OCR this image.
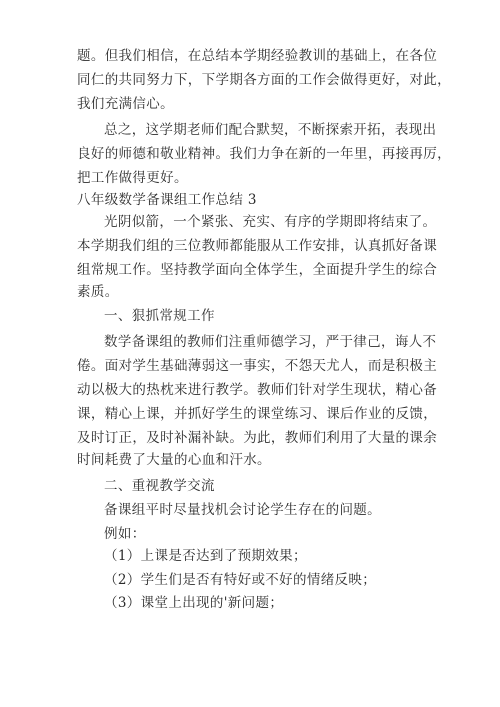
题。但我们相信，在总结本学期经验教训的基础上，在各位
同仁的共同努力下，下学期各方面的工作会做得更好，对此，
我们充满信心。
总之，这学期老师们配合默契，不断探索开拓，表现出
良好的师德和敬业精神。我们力争在新的一年里，再接再厉，
把工作做得更好。
八年级数学备课组工作总结 3
光阴似箭，一个紧张、充实、有序的学期即将结束了。
本学期我们组的三位教师都能服从工作安排，认真抓好备课
组常规工作。坚持教学面向全体学生，全面提升学生的综合
素质。
一、狠抓常规工作
数学备课组的教师们注重师德学习，严于律己，诲人不
倦。面对学生基础薄弱这一事实，不怨天尤人，而是积极主
动以极大的热枕来进行教学。教师们针对学生现状，精心备
课，精心上课，并抓好学生的课堂练习、课后作业的反馈，
及时订正，及时补漏补缺。为此，教师们利用了大量的课余
时间耗费了大量的心血和汗水。
二、重视教学交流
备课组平时尽量找机会讨论学生存在的问题。
例如：
（1）上课是否达到了预期效果；
（2）学生们是否有特好或不好的情绪反映；
（3）课堂上出现的'新问题；
